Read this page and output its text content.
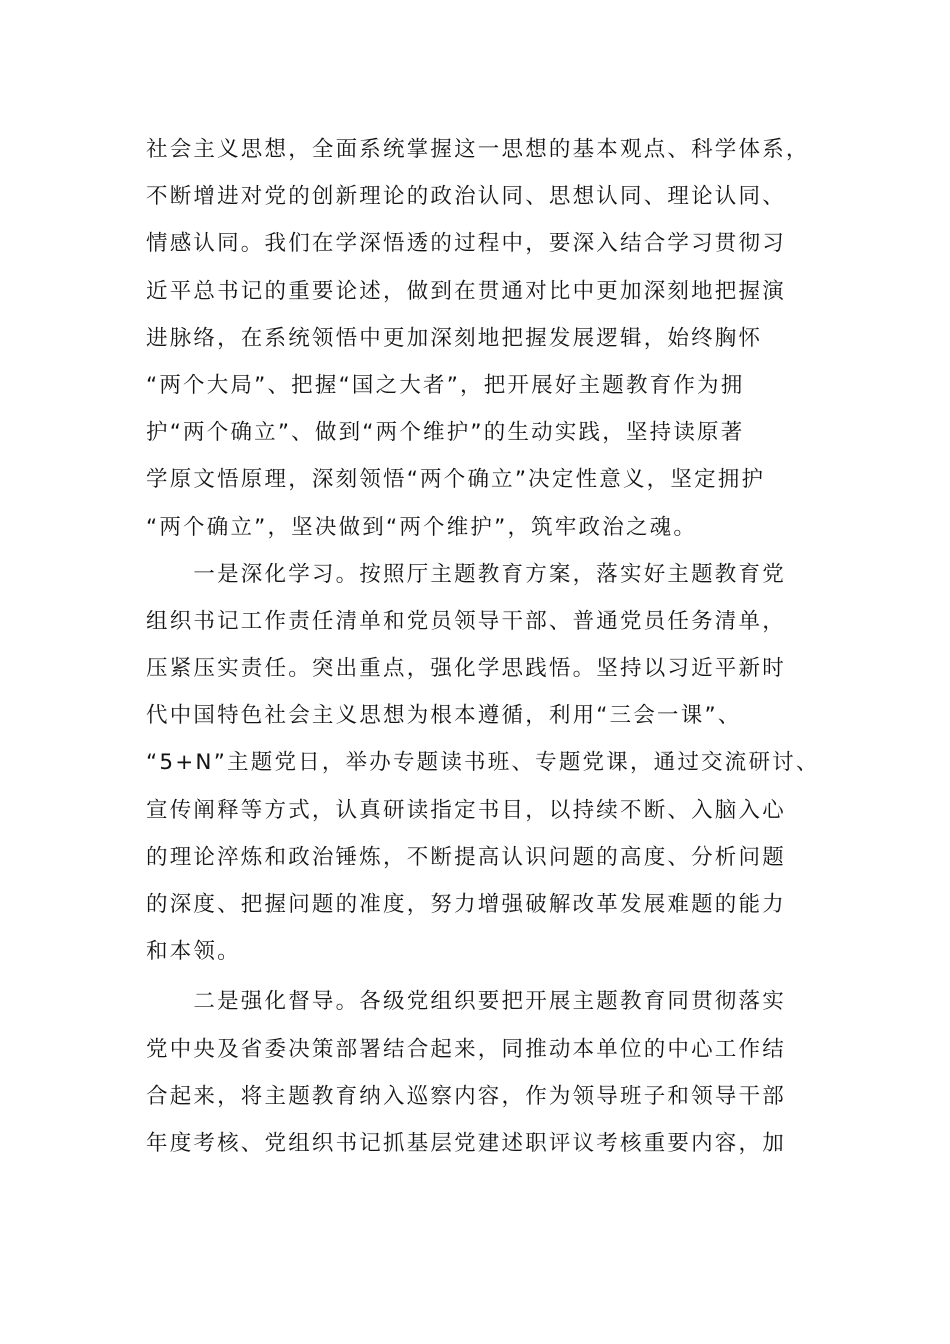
社会主义思想，全面系统掌握这一思想的基本观点、科学体系，
不断增进对党的创新理论的政治认同、思想认同、理论认同、
情感认同。我们在学深悟透的过程中，要深入结合学习贯彻习
近平总书记的重要论述，做到在贯通对比中更加深刻地把握演
进脉络，在系统领悟中更加深刻地把握发展逻辑，始终胸怀
“两个大局”、把握“国之大者”，把开展好主题教育作为拥
护“两个确立”、做到“两个维护”的生动实践，坚持读原著
学原文悟原理，深刻领悟“两个确立”决定性意义，坚定拥护
“两个确立”，坚决做到“两个维护”，筑牢政治之魂。
　　一是深化学习。按照厅主题教育方案，落实好主题教育党
组织书记工作责任清单和党员领导干部、普通党员任务清单，
压紧压实责任。突出重点，强化学思践悟。坚持以习近平新时
代中国特色社会主义思想为根本遵循，利用“三会一课”、
“5+N”主题党日，举办专题读书班、专题党课，通过交流研讨、
宣传阐释等方式，认真研读指定书目，以持续不断、入脑入心
的理论淬炼和政治锤炼，不断提高认识问题的高度、分析问题
的深度、把握问题的准度，努力增强破解改革发展难题的能力
和本领。
　　二是强化督导。各级党组织要把开展主题教育同贯彻落实
党中央及省委决策部署结合起来，同推动本单位的中心工作结
合起来，将主题教育纳入巡察内容，作为领导班子和领导干部
年度考核、党组织书记抓基层党建述职评议考核重要内容，加
